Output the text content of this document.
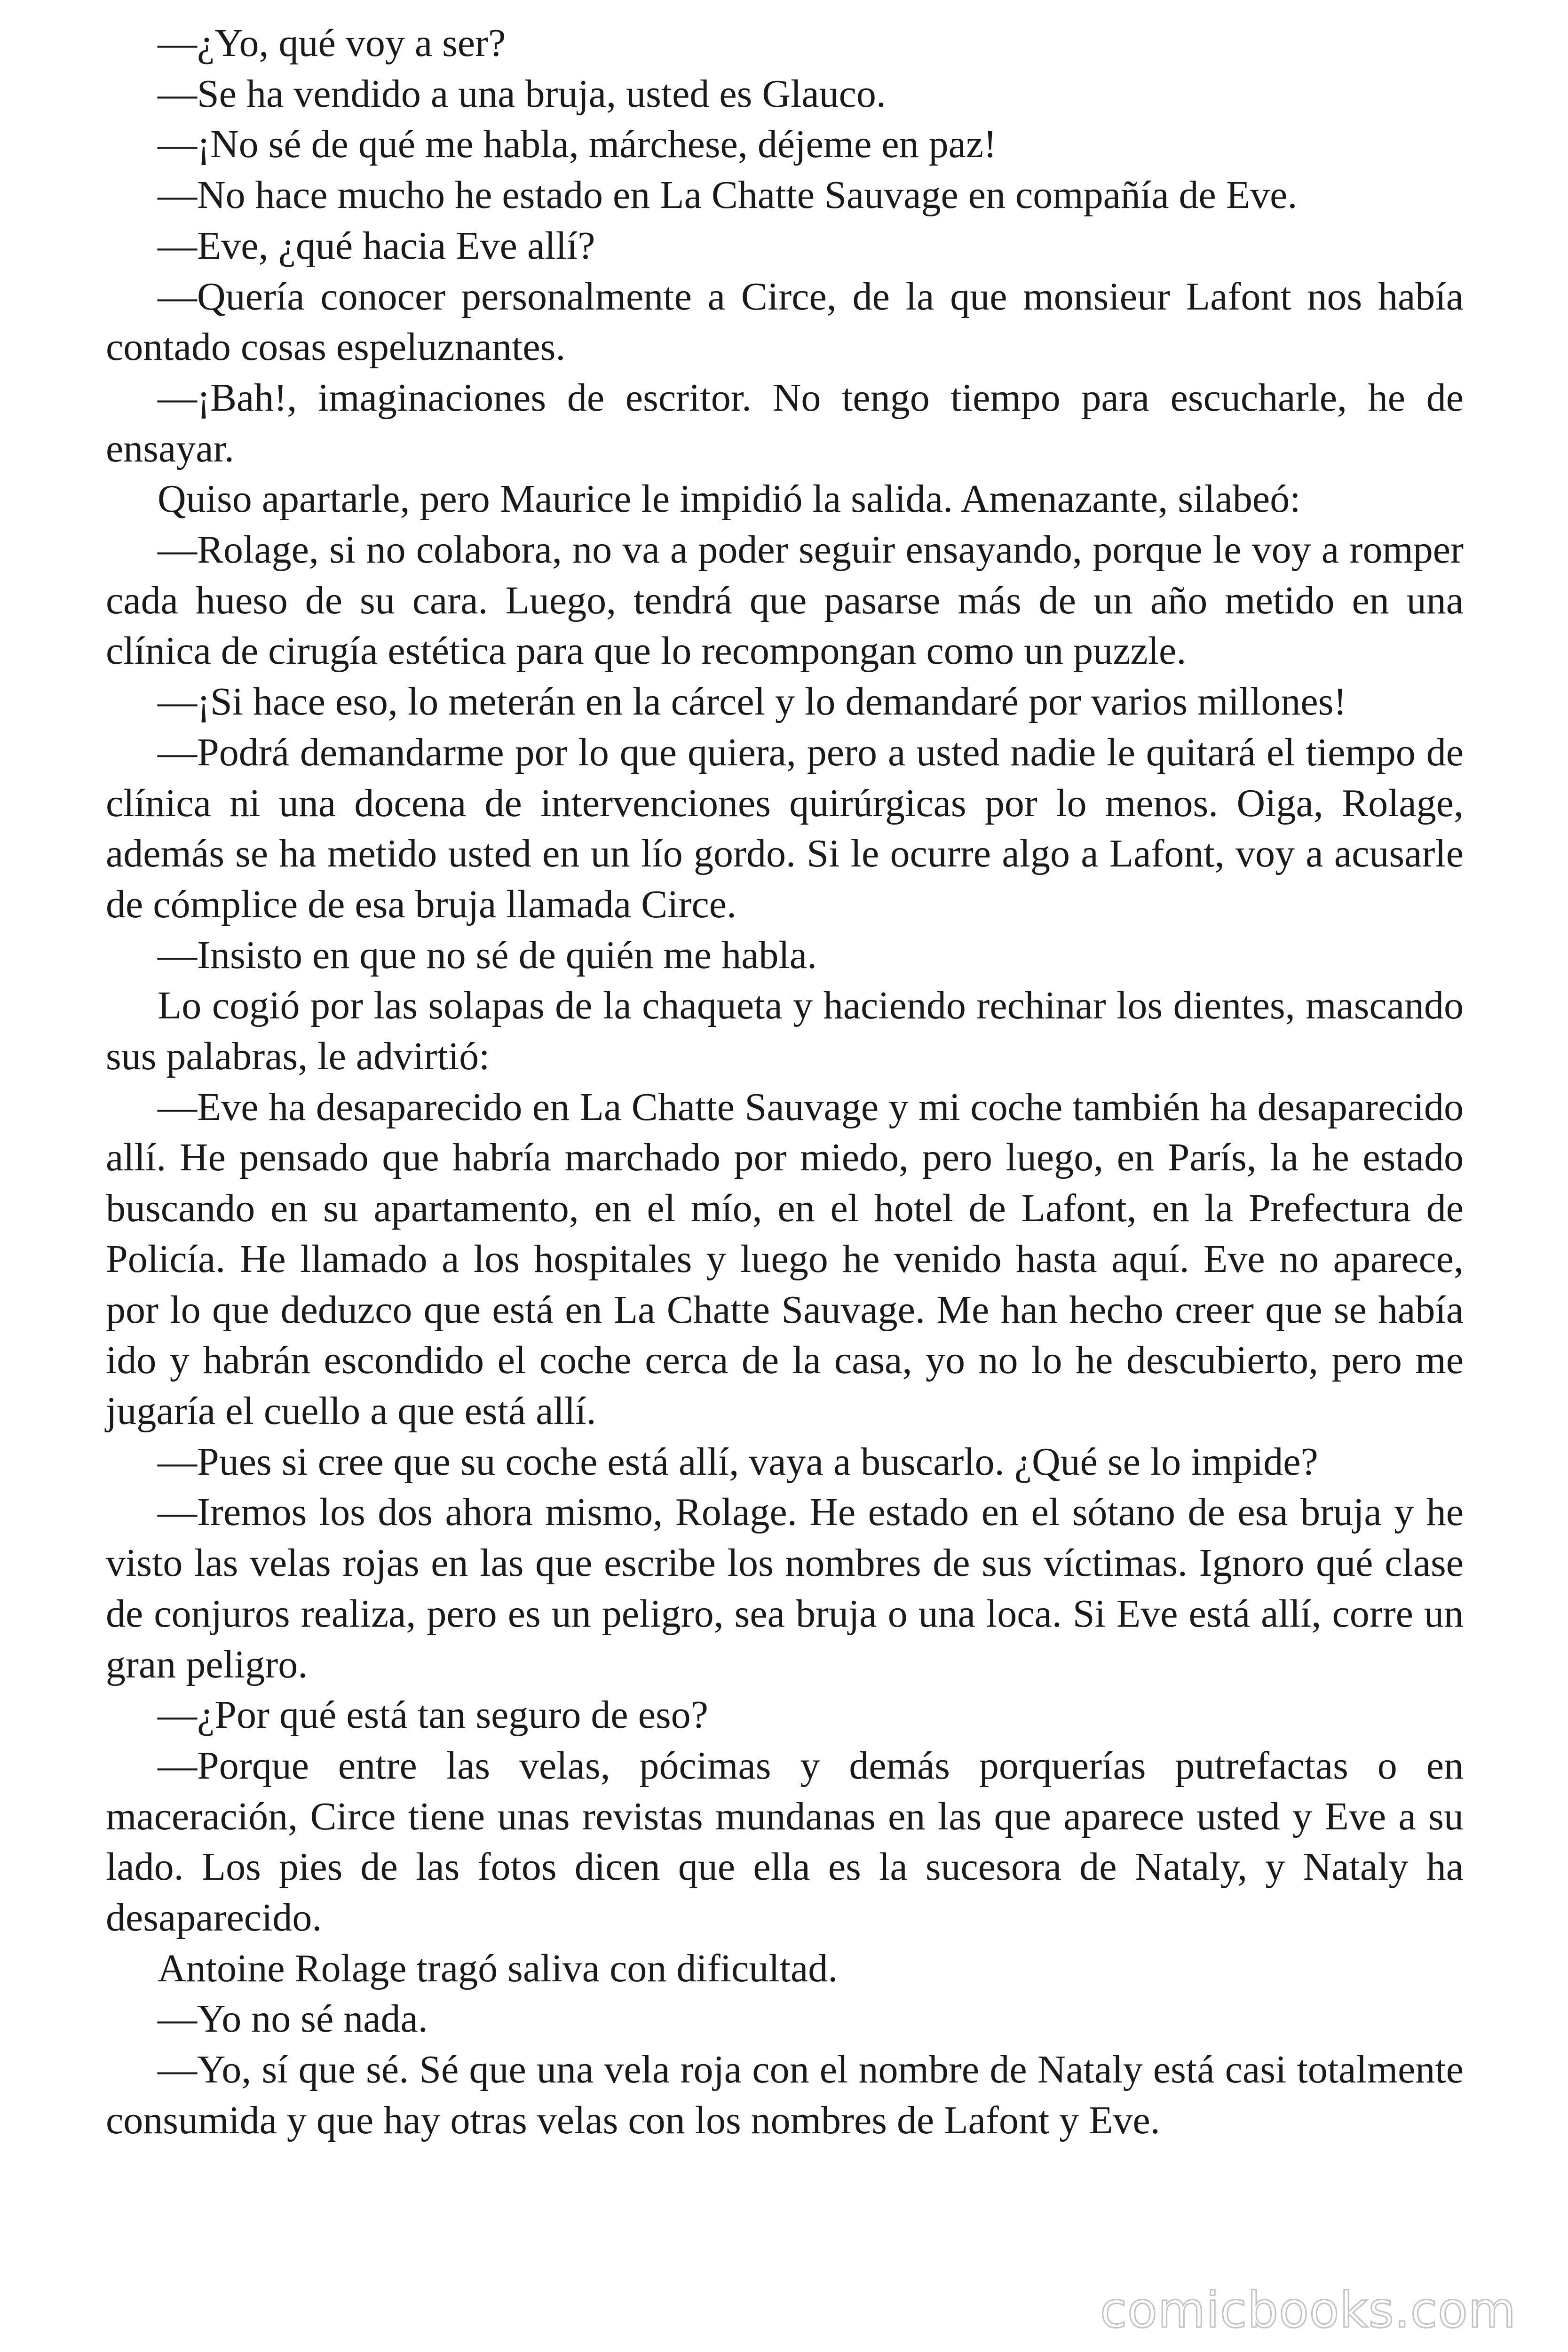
—¿Yo, qué voy a ser?

—Se ha vendido a una bruja, usted es Glauco.

—¡No sé de qué me habla, márchese, déjeme en paz!

—No hace mucho he estado en La Chatte Sauvage en compañía de Eve.

—Eve, ¿qué hacia Eve allí?

—Quería conocer personalmente a Circe, de la que monsieur Lafont nos había contado cosas espeluznantes.

—¡Bah!, imaginaciones de escritor. No tengo tiempo para escucharle, he de ensayar.

Quiso apartarle, pero Maurice le impidió la salida. Amenazante, silabeó:

—Rolage, si no colabora, no va a poder seguir ensayando, porque le voy a romper cada hueso de su cara. Luego, tendrá que pasarse más de un año metido en una clínica de cirugía estética para que lo recompongan como un puzzle.

—¡Si hace eso, lo meterán en la cárcel y lo demandaré por varios millones!

—Podrá demandarme por lo que quiera, pero a usted nadie le quitará el tiempo de clínica ni una docena de intervenciones quirúrgicas por lo menos. Oiga, Rolage, además se ha metido usted en un lío gordo. Si le ocurre algo a Lafont, voy a acusarle de cómplice de esa bruja llamada Circe.

—Insisto en que no sé de quién me habla.

Lo cogió por las solapas de la chaqueta y haciendo rechinar los dientes, mascando sus palabras, le advirtió:

—Eve ha desaparecido en La Chatte Sauvage y mi coche también ha desaparecido allí. He pensado que habría marchado por miedo, pero luego, en París, la he estado buscando en su apartamento, en el mío, en el hotel de Lafont, en la Prefectura de Policía. He llamado a los hospitales y luego he venido hasta aquí. Eve no aparece, por lo que deduzco que está en La Chatte Sauvage. Me han hecho creer que se había ido y habrán escondido el coche cerca de la casa, yo no lo he descubierto, pero me jugaría el cuello a que está allí.

—Pues si cree que su coche está allí, vaya a buscarlo. ¿Qué se lo impide?

—Iremos los dos ahora mismo, Rolage. He estado en el sótano de esa bruja y he visto las velas rojas en las que escribe los nombres de sus víctimas. Ignoro qué clase de conjuros realiza, pero es un peligro, sea bruja o una loca. Si Eve está allí, corre un gran peligro.

—¿Por qué está tan seguro de eso?

—Porque entre las velas, pócimas y demás porquerías putrefactas o en maceración, Circe tiene unas revistas mundanas en las que aparece usted y Eve a su lado. Los pies de las fotos dicen que ella es la sucesora de Nataly, y Nataly ha desaparecido.

Antoine Rolage tragó saliva con dificultad.

—Yo no sé nada.

—Yo, sí que sé. Sé que una vela roja con el nombre de Nataly está casi totalmente consumida y que hay otras velas con los nombres de Lafont y Eve.

comicbooks.com
